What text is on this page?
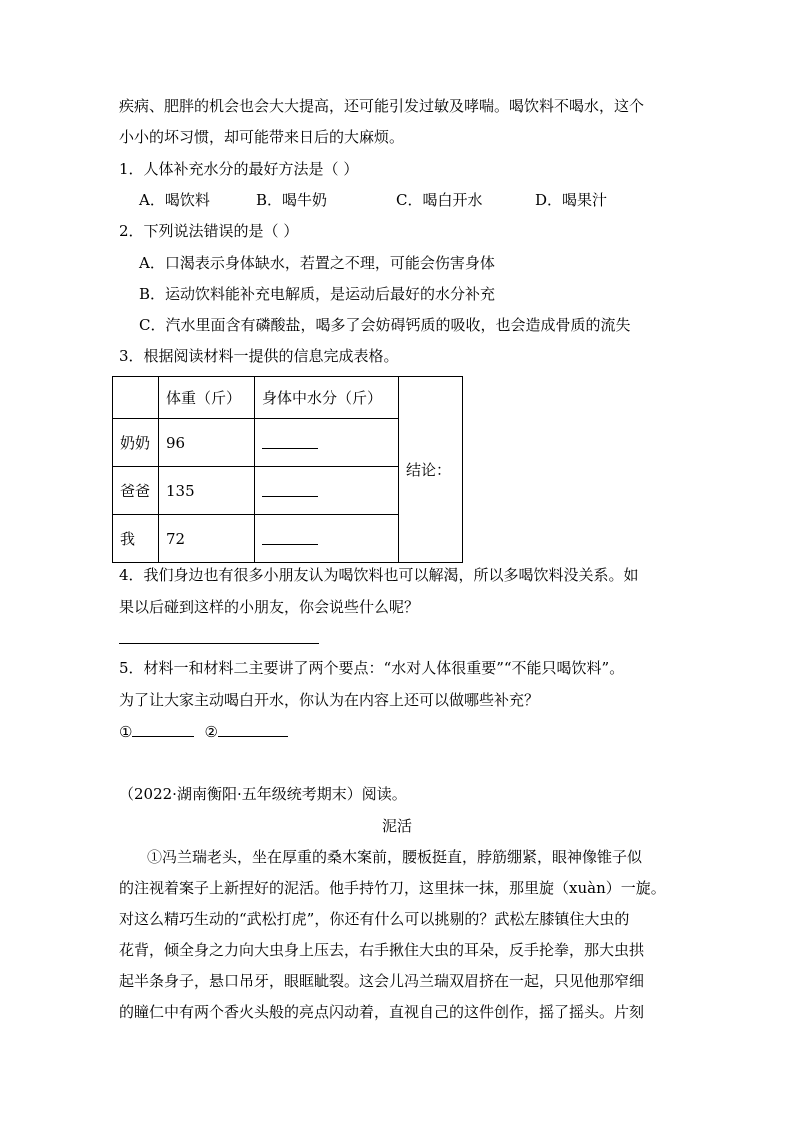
疾病、肥胖的机会也会大大提高，还可能引发过敏及哮喘。喝饮料不喝水，这个
小小的坏习惯，却可能带来日后的大麻烦。
1．人体补充水分的最好方法是（ ）
A．喝饮料	B．喝牛奶	C．喝白开水	D．喝果汁
2．下列说法错误的是（ ）
A．口渴表示身体缺水，若置之不理，可能会伤害身体
B．运动饮料能补充电解质，是运动后最好的水分补充
C．汽水里面含有磷酸盐，喝多了会妨碍钙质的吸收，也会造成骨质的流失
3．根据阅读材料一提供的信息完成表格。
	体重（斤）	身体中水分（斤）	结论：
奶奶	96		
爸爸	135		
我	72		
4．我们身边也有很多小朋友认为喝饮料也可以解渴，所以多喝饮料没关系。如
果以后碰到这样的小朋友，你会说些什么呢？
5．材料一和材料二主要讲了两个要点：“水对人体很重要”“不能只喝饮料”。
为了让大家主动喝白开水，你认为在内容上还可以做哪些补充？
①	②
（2022·湖南衡阳·五年级统考期末）阅读。
泥活
①冯兰瑞老头，坐在厚重的桑木案前，腰板挺直，脖筋绷紧，眼神像锥子似
的注视着案子上新捏好的泥活。他手持竹刀，这里抹一抹，那里旋（xuàn）一旋。
对这么精巧生动的“武松打虎”，你还有什么可以挑剔的？武松左膝镇住大虫的
花背，倾全身之力向大虫身上压去，右手揪住大虫的耳朵，反手抡拳，那大虫拱
起半条身子，悬口吊牙，眼眶眦裂。这会儿冯兰瑞双眉挤在一起，只见他那窄细
的瞳仁中有两个香火头般的亮点闪动着，直视自己的这件创作，摇了摇头。片刻
